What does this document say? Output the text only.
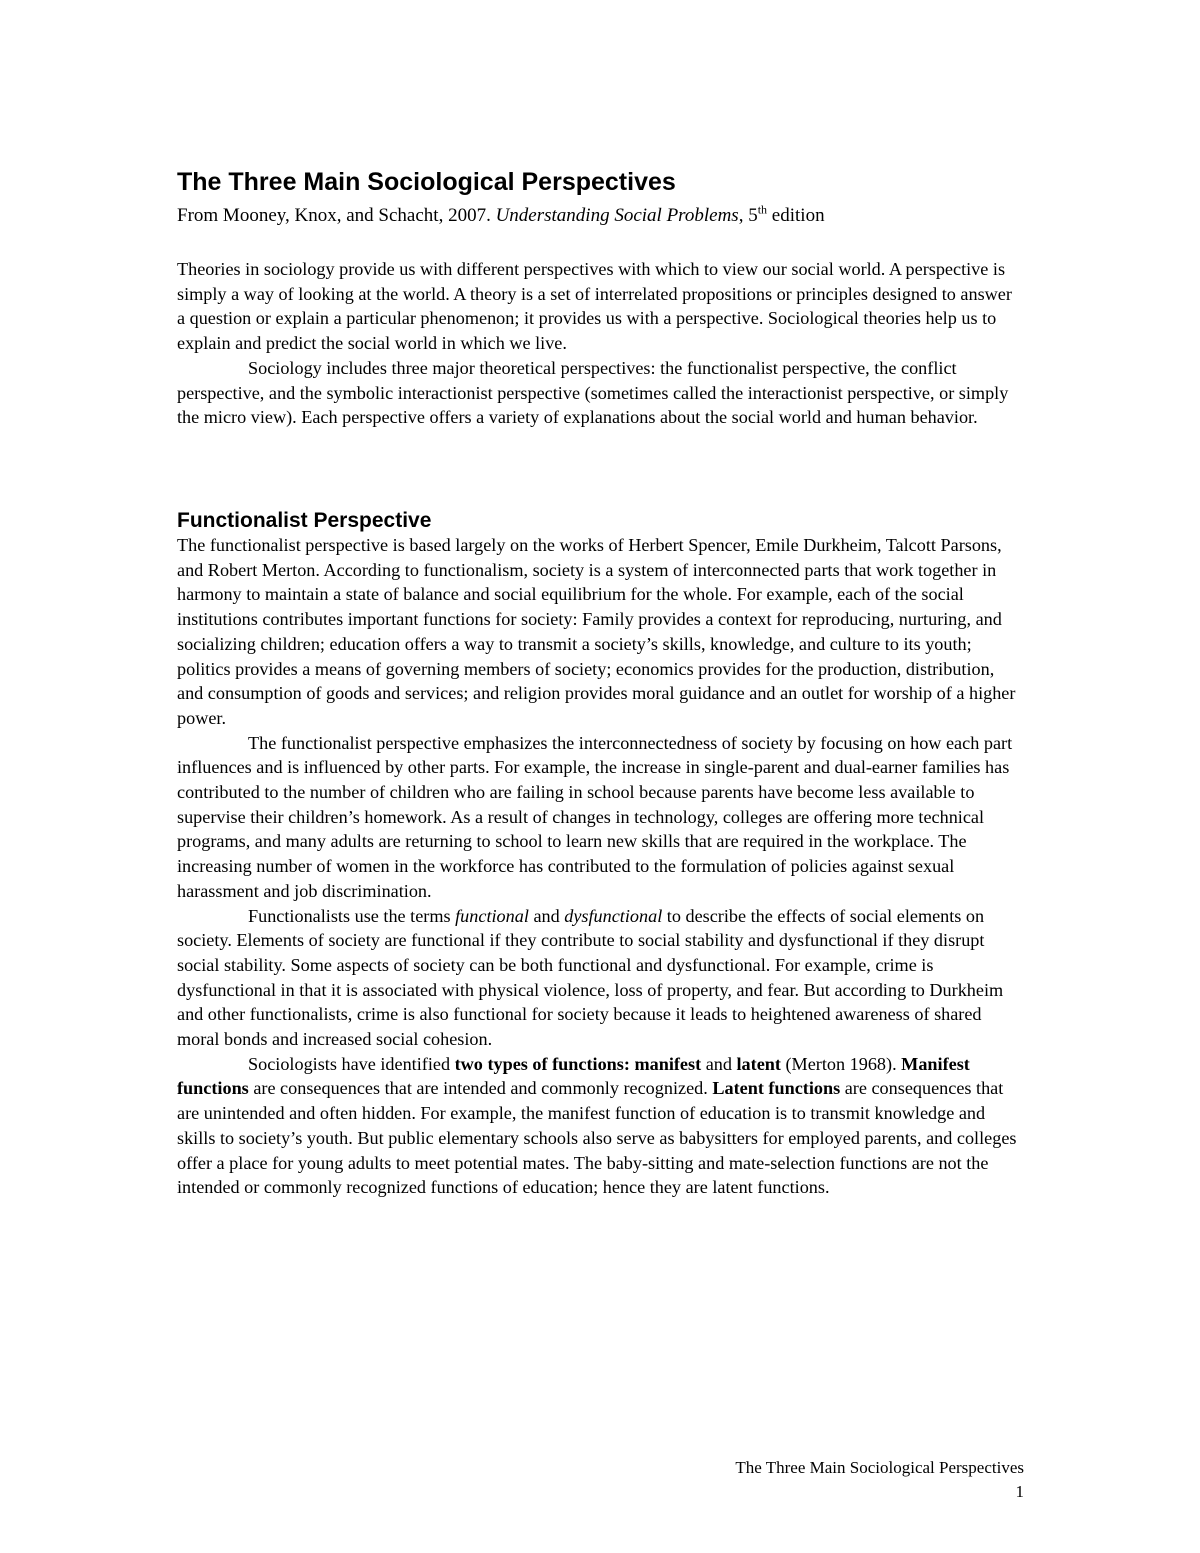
The Three Main Sociological Perspectives
From Mooney, Knox, and Schacht, 2007. Understanding Social Problems, 5th edition

Theories in sociology provide us with different perspectives with which to view our social world. A perspective is simply a way of looking at the world. A theory is a set of interrelated propositions or principles designed to answer a question or explain a particular phenomenon; it provides us with a perspective. Sociological theories help us to explain and predict the social world in which we live.

Sociology includes three major theoretical perspectives: the functionalist perspective, the conflict perspective, and the symbolic interactionist perspective (sometimes called the interactionist perspective, or simply the micro view). Each perspective offers a variety of explanations about the social world and human behavior.

Functionalist Perspective

The functionalist perspective is based largely on the works of Herbert Spencer, Emile Durkheim, Talcott Parsons, and Robert Merton. According to functionalism, society is a system of interconnected parts that work together in harmony to maintain a state of balance and social equilibrium for the whole. For example, each of the social institutions contributes important functions for society: Family provides a context for reproducing, nurturing, and socializing children; education offers a way to transmit a society’s skills, knowledge, and culture to its youth; politics provides a means of governing members of society; economics provides for the production, distribution, and consumption of goods and services; and religion provides moral guidance and an outlet for worship of a higher power.

The functionalist perspective emphasizes the interconnectedness of society by focusing on how each part influences and is influenced by other parts. For example, the increase in single-parent and dual-earner families has contributed to the number of children who are failing in school because parents have become less available to supervise their children’s homework. As a result of changes in technology, colleges are offering more technical programs, and many adults are returning to school to learn new skills that are required in the workplace. The increasing number of women in the workforce has contributed to the formulation of policies against sexual harassment and job discrimination.

Functionalists use the terms functional and dysfunctional to describe the effects of social elements on society. Elements of society are functional if they contribute to social stability and dysfunctional if they disrupt social stability. Some aspects of society can be both functional and dysfunctional. For example, crime is dysfunctional in that it is associated with physical violence, loss of property, and fear. But according to Durkheim and other functionalists, crime is also functional for society because it leads to heightened awareness of shared moral bonds and increased social cohesion.

Sociologists have identified two types of functions: manifest and latent (Merton 1968). Manifest functions are consequences that are intended and commonly recognized. Latent functions are consequences that are unintended and often hidden. For example, the manifest function of education is to transmit knowledge and skills to society’s youth. But public elementary schools also serve as babysitters for employed parents, and colleges offer a place for young adults to meet potential mates. The baby-sitting and mate-selection functions are not the intended or commonly recognized functions of education; hence they are latent functions.

The Three Main Sociological Perspectives
1
